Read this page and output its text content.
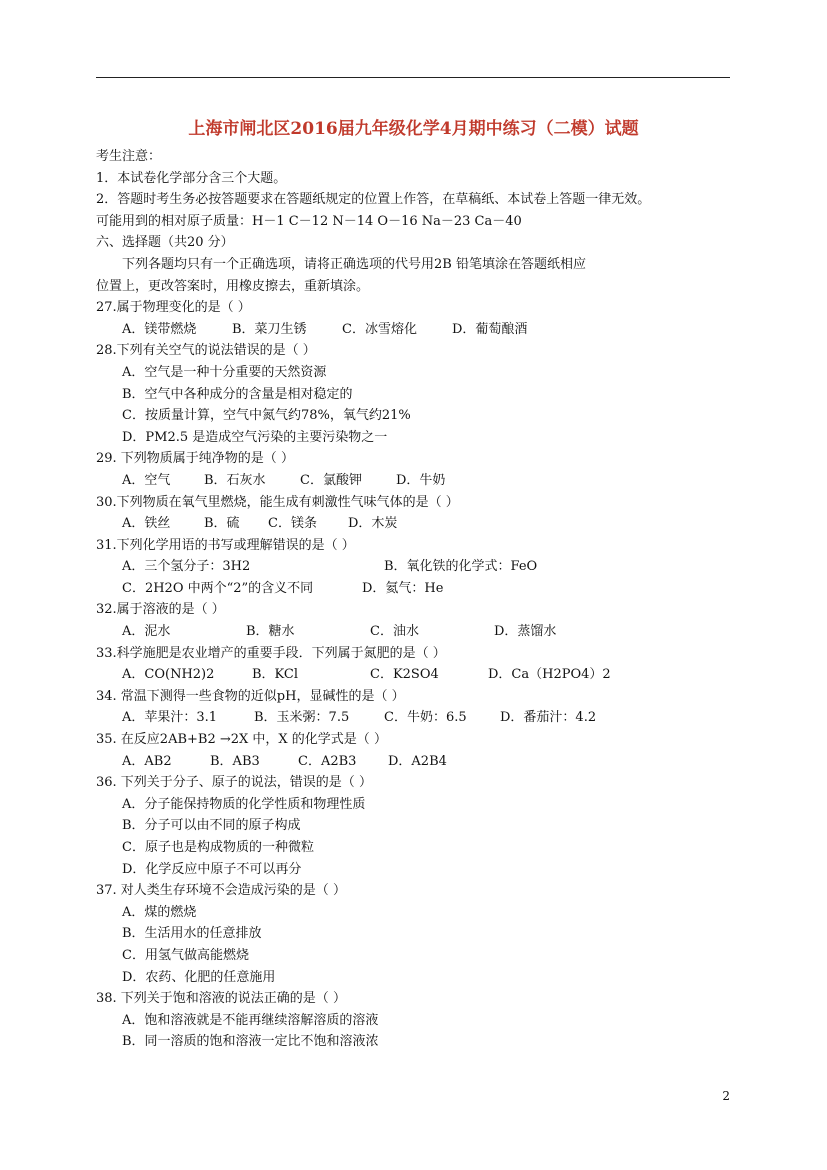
上海市闸北区2016届九年级化学4月期中练习（二模）试题
考生注意：
1．本试卷化学部分含三个大题。
2．答题时考生务必按答题要求在答题纸规定的位置上作答，在草稿纸、本试卷上答题一律无效。
可能用到的相对原子质量：H－1 C－12 N－14 O－16 Na－23 Ca－40
六、选择题（共20 分）
下列各题均只有一个正确选项，请将正确选项的代号用2B 铅笔填涂在答题纸相应
位置上，更改答案时，用橡皮擦去，重新填涂。
27.属于物理变化的是（ ）
A．镁带燃烧	B．菜刀生锈	C．冰雪熔化	D．葡萄酿酒
28.下列有关空气的说法错误的是（ ）
A．空气是一种十分重要的天然资源
B．空气中各种成分的含量是相对稳定的
C．按质量计算，空气中氮气约78%，氧气约21%
D．PM2.5 是造成空气污染的主要污染物之一
29. 下列物质属于纯净物的是（ ）
A．空气	B．石灰水	C．氯酸钾	D．牛奶
30.下列物质在氧气里燃烧，能生成有刺激性气味气体的是（ ）
A．铁丝	B．硫	C．镁条	D．木炭
31.下列化学用语的书写或理解错误的是（ ）
A．三个氢分子：3H2	B．氧化铁的化学式：FeO
C．2H2O 中两个“2”的含义不同	D．氦气：He
32.属于溶液的是（ ）
A．泥水	B．糖水	C．油水	D．蒸馏水
33.科学施肥是农业增产的重要手段．下列属于氮肥的是（ ）
A．CO(NH2)2	B．KCl	C．K2SO4	D．Ca（H2PO4）2
34. 常温下测得一些食物的近似pH，显碱性的是（ ）
A．苹果汁：3.1	B．玉米粥：7.5	C．牛奶：6.5	D．番茄汁：4.2
35. 在反应2AB+B2 →2X 中，X 的化学式是（ ）
A．AB2	B．AB3	C．A2B3	D．A2B4
36. 下列关于分子、原子的说法，错误的是（ ）
A．分子能保持物质的化学性质和物理性质
B．分子可以由不同的原子构成
C．原子也是构成物质的一种微粒
D．化学反应中原子不可以再分
37. 对人类生存环境不会造成污染的是（ ）
A．煤的燃烧
B．生活用水的任意排放
C．用氢气做高能燃烧
D．农药、化肥的任意施用
38. 下列关于饱和溶液的说法正确的是（ ）
A．饱和溶液就是不能再继续溶解溶质的溶液
B．同一溶质的饱和溶液一定比不饱和溶液浓
2
